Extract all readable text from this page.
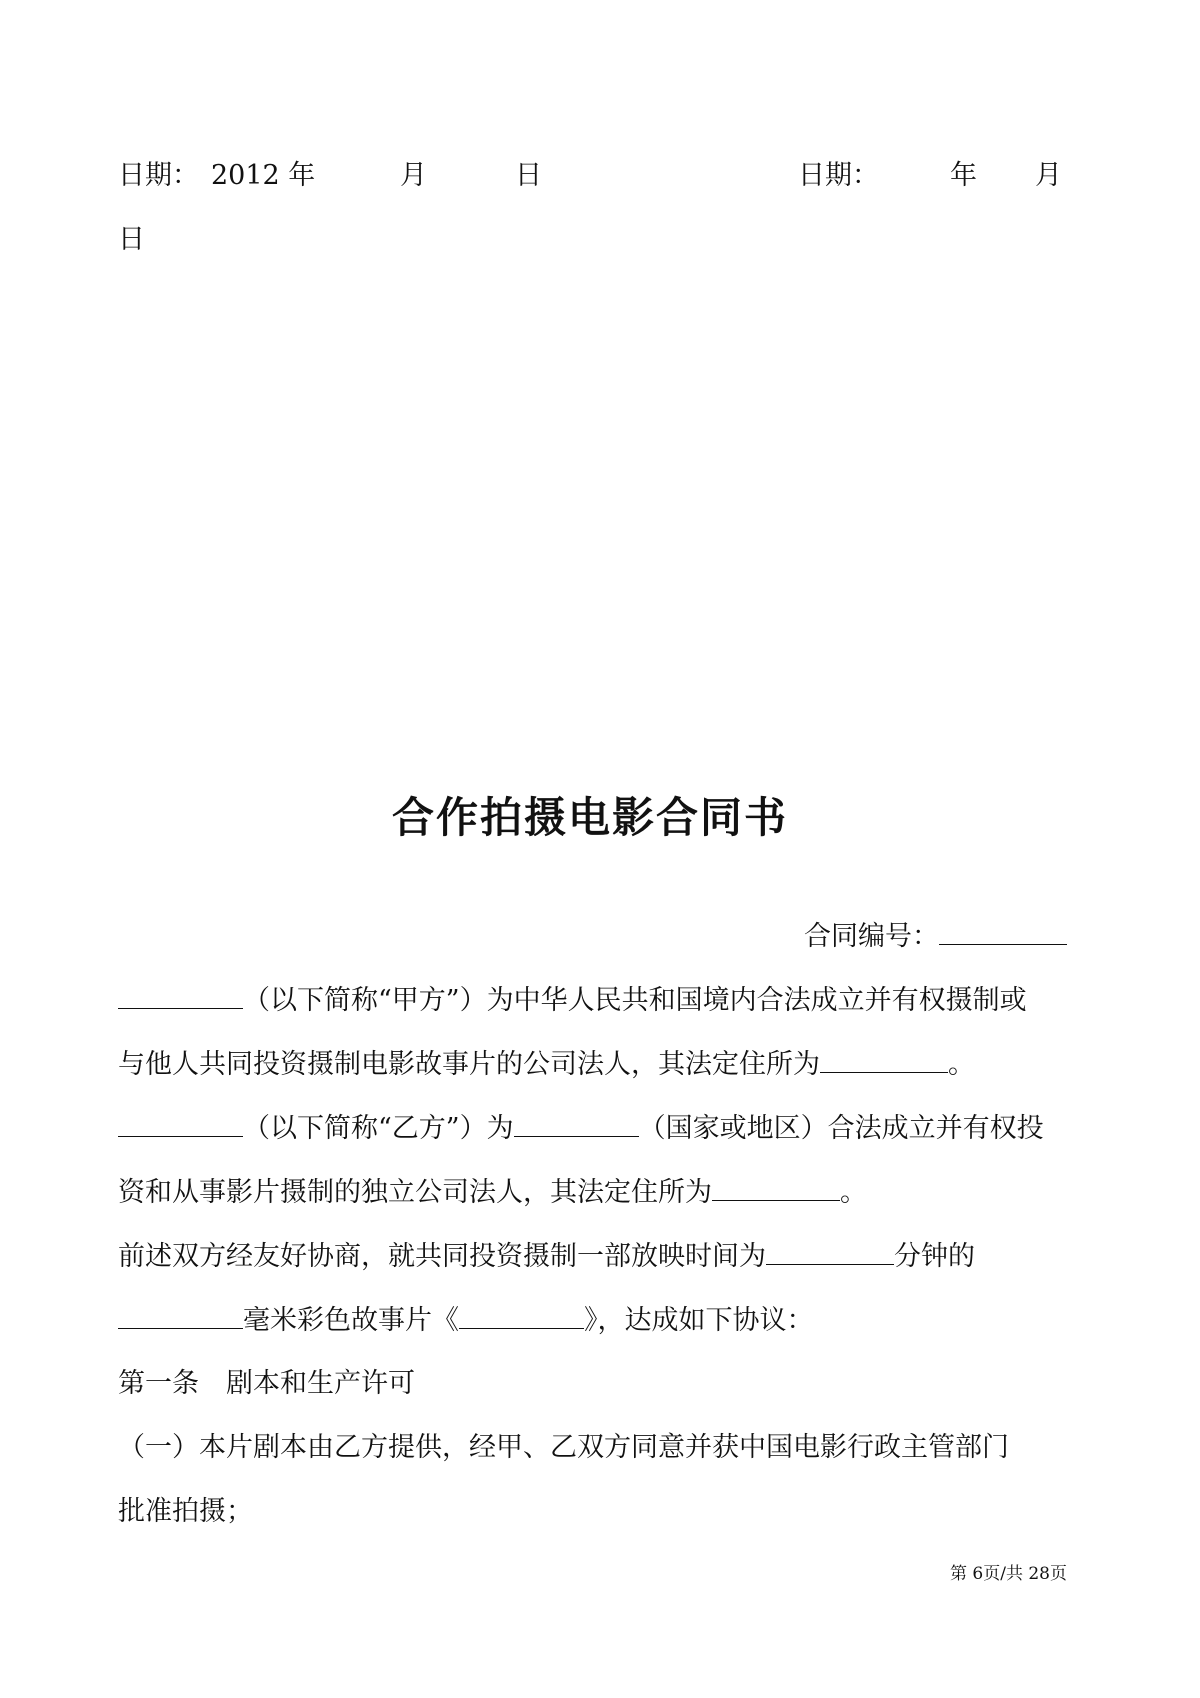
日期： 2012 年	月	日	日期：	年 月
日
合作拍摄电影合同书
合同编号：
（以下简称“甲方”）为中华人民共和国境内合法成立并有权摄制或
与他人共同投资摄制电影故事片的公司法人，其法定住所为	。
（以下简称“乙方”）为	（国家或地区）合法成立并有权投
资和从事影片摄制的独立公司法人，其法定住所为	。
前述双方经友好协商，就共同投资摄制一部放映时间为	分钟的
毫米彩色故事片《	》，达成如下协议：
第一条　剧本和生产许可
（一）本片剧本由乙方提供，经甲、乙双方同意并获中国电影行政主管部门
批准拍摄；
第 6页/共 28页
